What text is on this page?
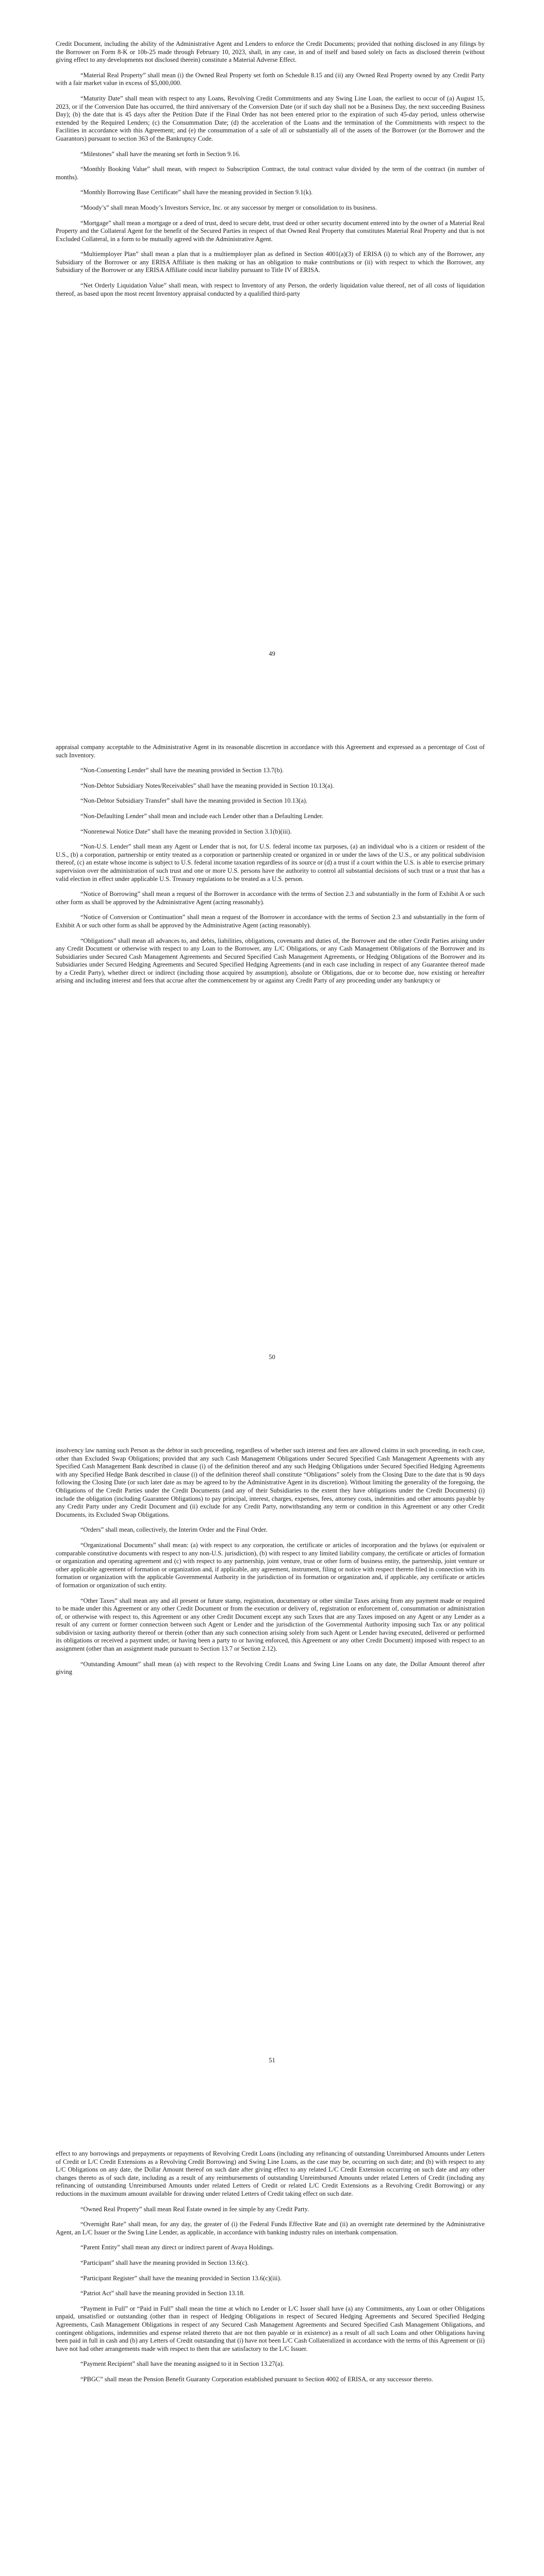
Credit Document, including the ability of the Administrative Agent and Lenders to enforce the Credit Documents; provided that nothing disclosed in any filings by the Borrower on Form 8-K or 10b-25 made through February 10, 2023, shall, in any case, in and of itself and based solely on facts as disclosed therein (without giving effect to any developments not disclosed therein) constitute a Material Adverse Effect.

“Material Real Property” shall mean (i) the Owned Real Property set forth on Schedule 8.15 and (ii) any Owned Real Property owned by any Credit Party with a fair market value in excess of $5,000,000.

“Maturity Date” shall mean with respect to any Loans, Revolving Credit Commitments and any Swing Line Loan, the earliest to occur of (a) August 15, 2023, or if the Conversion Date has occurred, the third anniversary of the Conversion Date (or if such day shall not be a Business Day, the next succeeding Business Day); (b) the date that is 45 days after the Petition Date if the Final Order has not been entered prior to the expiration of such 45-day period, unless otherwise extended by the Required Lenders; (c) the Consummation Date; (d) the acceleration of the Loans and the termination of the Commitments with respect to the Facilities in accordance with this Agreement; and (e) the consummation of a sale of all or substantially all of the assets of the Borrower (or the Borrower and the Guarantors) pursuant to section 363 of the Bankruptcy Code.

“Milestones” shall have the meaning set forth in Section 9.16.

“Monthly Booking Value” shall mean, with respect to Subscription Contract, the total contract value divided by the term of the contract (in number of months).

“Monthly Borrowing Base Certificate” shall have the meaning provided in Section 9.1(k).

“Moody’s” shall mean Moody’s Investors Service, Inc. or any successor by merger or consolidation to its business.

“Mortgage” shall mean a mortgage or a deed of trust, deed to secure debt, trust deed or other security document entered into by the owner of a Material Real Property and the Collateral Agent for the benefit of the Secured Parties in respect of that Owned Real Property that constitutes Material Real Property and that is not Excluded Collateral, in a form to be mutually agreed with the Administrative Agent.

“Multiemployer Plan” shall mean a plan that is a multiemployer plan as defined in Section 4001(a)(3) of ERISA (i) to which any of the Borrower, any Subsidiary of the Borrower or any ERISA Affiliate is then making or has an obligation to make contributions or (ii) with respect to which the Borrower, any Subsidiary of the Borrower or any ERISA Affiliate could incur liability pursuant to Title IV of ERISA.

“Net Orderly Liquidation Value” shall mean, with respect to Inventory of any Person, the orderly liquidation value thereof, net of all costs of liquidation thereof, as based upon the most recent Inventory appraisal conducted by a qualified third-party

49

appraisal company acceptable to the Administrative Agent in its reasonable discretion in accordance with this Agreement and expressed as a percentage of Cost of such Inventory.

“Non-Consenting Lender” shall have the meaning provided in Section 13.7(b).

“Non-Debtor Subsidiary Notes/Receivables” shall have the meaning provided in Section 10.13(a).

“Non-Debtor Subsidiary Transfer” shall have the meaning provided in Section 10.13(a).

“Non-Defaulting Lender” shall mean and include each Lender other than a Defaulting Lender.

“Nonrenewal Notice Date” shall have the meaning provided in Section 3.1(b)(iii).

“Non-U.S. Lender” shall mean any Agent or Lender that is not, for U.S. federal income tax purposes, (a) an individual who is a citizen or resident of the U.S., (b) a corporation, partnership or entity treated as a corporation or partnership created or organized in or under the laws of the U.S., or any political subdivision thereof, (c) an estate whose income is subject to U.S. federal income taxation regardless of its source or (d) a trust if a court within the U.S. is able to exercise primary supervision over the administration of such trust and one or more U.S. persons have the authority to control all substantial decisions of such trust or a trust that has a valid election in effect under applicable U.S. Treasury regulations to be treated as a U.S. person.

“Notice of Borrowing” shall mean a request of the Borrower in accordance with the terms of Section 2.3 and substantially in the form of Exhibit A or such other form as shall be approved by the Administrative Agent (acting reasonably).

“Notice of Conversion or Continuation” shall mean a request of the Borrower in accordance with the terms of Section 2.3 and substantially in the form of Exhibit A or such other form as shall be approved by the Administrative Agent (acting reasonably).

“Obligations” shall mean all advances to, and debts, liabilities, obligations, covenants and duties of, the Borrower and the other Credit Parties arising under any Credit Document or otherwise with respect to any Loan to the Borrower, any L/C Obligations, or any Cash Management Obligations of the Borrower and its Subsidiaries under Secured Cash Management Agreements and Secured Specified Cash Management Agreements, or Hedging Obligations of the Borrower and its Subsidiaries under Secured Hedging Agreements and Secured Specified Hedging Agreements (and in each case including in respect of any Guarantee thereof made by a Credit Party), whether direct or indirect (including those acquired by assumption), absolute or Obligations, due or to become due, now existing or hereafter arising and including interest and fees that accrue after the commencement by or against any Credit Party of any proceeding under any bankruptcy or

50

insolvency law naming such Person as the debtor in such proceeding, regardless of whether such interest and fees are allowed claims in such proceeding, in each case, other than Excluded Swap Obligations; provided that any such Cash Management Obligations under Secured Specified Cash Management Agreements with any Specified Cash Management Bank described in clause (i) of the definition thereof and any such Hedging Obligations under Secured Specified Hedging Agreements with any Specified Hedge Bank described in clause (i) of the definition thereof shall constitute “Obligations” solely from the Closing Date to the date that is 90 days following the Closing Date (or such later date as may be agreed to by the Administrative Agent in its discretion). Without limiting the generality of the foregoing, the Obligations of the Credit Parties under the Credit Documents (and any of their Subsidiaries to the extent they have obligations under the Credit Documents) (i) include the obligation (including Guarantee Obligations) to pay principal, interest, charges, expenses, fees, attorney costs, indemnities and other amounts payable by any Credit Party under any Credit Document and (ii) exclude for any Credit Party, notwithstanding any term or condition in this Agreement or any other Credit Documents, its Excluded Swap Obligations.

“Orders” shall mean, collectively, the Interim Order and the Final Order.

“Organizational Documents” shall mean: (a) with respect to any corporation, the certificate or articles of incorporation and the bylaws (or equivalent or comparable constitutive documents with respect to any non-U.S. jurisdiction), (b) with respect to any limited liability company, the certificate or articles of formation or organization and operating agreement and (c) with respect to any partnership, joint venture, trust or other form of business entity, the partnership, joint venture or other applicable agreement of formation or organization and, if applicable, any agreement, instrument, filing or notice with respect thereto filed in connection with its formation or organization with the applicable Governmental Authority in the jurisdiction of its formation or organization and, if applicable, any certificate or articles of formation or organization of such entity.

“Other Taxes” shall mean any and all present or future stamp, registration, documentary or other similar Taxes arising from any payment made or required to be made under this Agreement or any other Credit Document or from the execution or delivery of, registration or enforcement of, consummation or administration of, or otherwise with respect to, this Agreement or any other Credit Document except any such Taxes that are any Taxes imposed on any Agent or any Lender as a result of any current or former connection between such Agent or Lender and the jurisdiction of the Governmental Authority imposing such Tax or any political subdivision or taxing authority thereof or therein (other than any such connection arising solely from such Agent or Lender having executed, delivered or performed its obligations or received a payment under, or having been a party to or having enforced, this Agreement or any other Credit Document) imposed with respect to an assignment (other than an assignment made pursuant to Section 13.7 or Section 2.12).

“Outstanding Amount” shall mean (a) with respect to the Revolving Credit Loans and Swing Line Loans on any date, the Dollar Amount thereof after giving

51

effect to any borrowings and prepayments or repayments of Revolving Credit Loans (including any refinancing of outstanding Unreimbursed Amounts under Letters of Credit or L/C Credit Extensions as a Revolving Credit Borrowing) and Swing Line Loans, as the case may be, occurring on such date; and (b) with respect to any L/C Obligations on any date, the Dollar Amount thereof on such date after giving effect to any related L/C Credit Extension occurring on such date and any other changes thereto as of such date, including as a result of any reimbursements of outstanding Unreimbursed Amounts under related Letters of Credit (including any refinancing of outstanding Unreimbursed Amounts under related Letters of Credit or related L/C Credit Extensions as a Revolving Credit Borrowing) or any reductions in the maximum amount available for drawing under related Letters of Credit taking effect on such date.

“Owned Real Property” shall mean Real Estate owned in fee simple by any Credit Party.

“Overnight Rate” shall mean, for any day, the greater of (i) the Federal Funds Effective Rate and (ii) an overnight rate determined by the Administrative Agent, an L/C Issuer or the Swing Line Lender, as applicable, in accordance with banking industry rules on interbank compensation.

“Parent Entity” shall mean any direct or indirect parent of Avaya Holdings.

“Participant” shall have the meaning provided in Section 13.6(c).

“Participant Register” shall have the meaning provided in Section 13.6(c)(iii).

“Patriot Act” shall have the meaning provided in Section 13.18.

“Payment in Full” or “Paid in Full” shall mean the time at which no Lender or L/C Issuer shall have (a) any Commitments, any Loan or other Obligations unpaid, unsatisfied or outstanding (other than in respect of Hedging Obligations in respect of Secured Hedging Agreements and Secured Specified Hedging Agreements, Cash Management Obligations in respect of any Secured Cash Management Agreements and Secured Specified Cash Management Obligations, and contingent obligations, indemnities and expense related thereto that are not then payable or in existence) as a result of all such Loans and other Obligations having been paid in full in cash and (b) any Letters of Credit outstanding that (i) have not been L/C Cash Collateralized in accordance with the terms of this Agreement or (ii) have not had other arrangements made with respect to them that are satisfactory to the L/C Issuer.

“Payment Recipient” shall have the meaning assigned to it in Section 13.27(a).

“PBGC” shall mean the Pension Benefit Guaranty Corporation established pursuant to Section 4002 of ERISA, or any successor thereto.
